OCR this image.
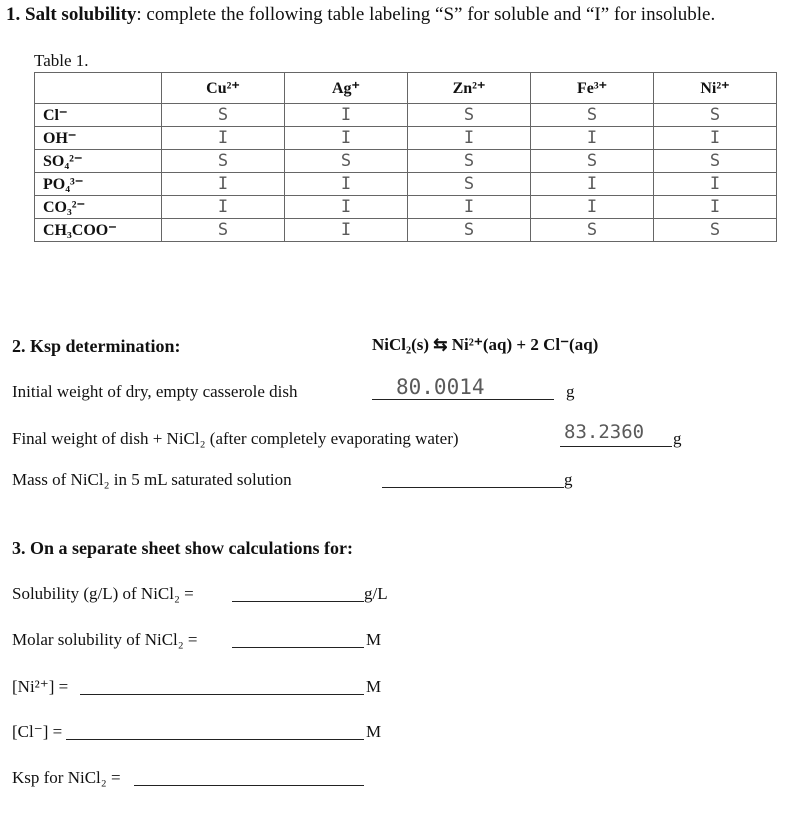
1. Salt solubility: complete the following table labeling “S” for soluble and “I” for insoluble.
Table 1.
	Cu²⁺	Ag⁺	Zn²⁺	Fe³⁺	Ni²⁺
Cl⁻	S	I	S	S	S
OH⁻	I	I	I	I	I
SO₄²⁻	S	S	S	S	S
PO₄³⁻	I	I	S	I	I
CO₃²⁻	I	I	I	I	I
CH₃COO⁻	S	I	S	S	S
2. Ksp determination:	NiCl₂(s) ⇆ Ni²⁺(aq) + 2 Cl⁻(aq)
Initial weight of dry, empty casserole dish	80.0014	g
Final weight of dish + NiCl₂ (after completely evaporating water)	83.2360 g
Mass of NiCl₂ in 5 mL saturated solution	g
3. On a separate sheet show calculations for:
Solubility (g/L) of NiCl₂ =	g/L
Molar solubility of NiCl₂ =	M
[Ni²⁺] =	M
[Cl⁻] =	M
Ksp for NiCl₂ =
